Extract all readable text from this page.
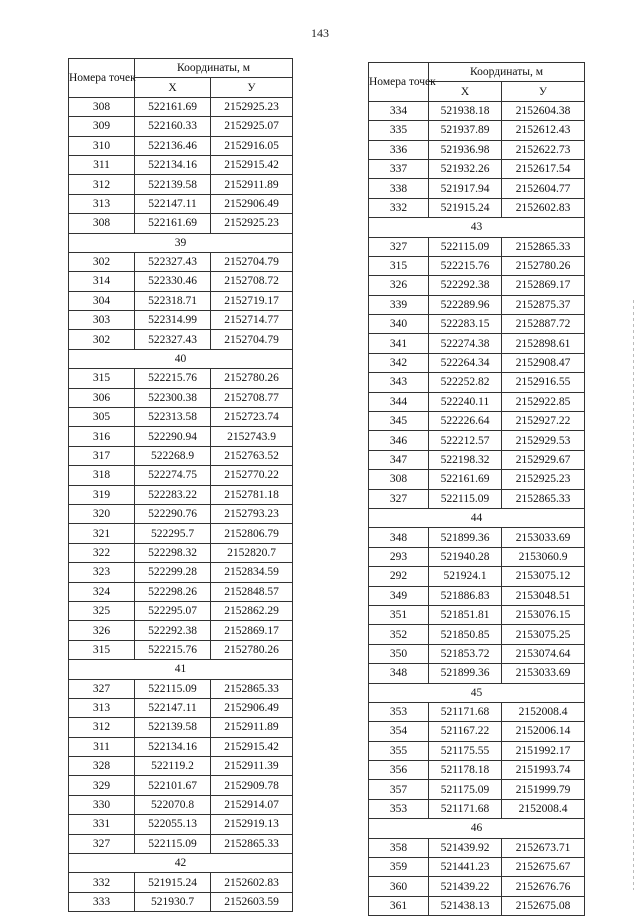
143
Номера точек	Координаты, м	
	Х	У
308	522161.69	2152925.23
309	522160.33	2152925.07
310	522136.46	2152916.05
311	522134.16	2152915.42
312	522139.58	2152911.89
313	522147.11	2152906.49
308	522161.69	2152925.23
39		
302	522327.43	2152704.79
314	522330.46	2152708.72
304	522318.71	2152719.17
303	522314.99	2152714.77
302	522327.43	2152704.79
40		
315	522215.76	2152780.26
306	522300.38	2152708.77
305	522313.58	2152723.74
316	522290.94	2152743.9
317	522268.9	2152763.52
318	522274.75	2152770.22
319	522283.22	2152781.18
320	522290.76	2152793.23
321	522295.7	2152806.79
322	522298.32	2152820.7
323	522299.28	2152834.59
324	522298.26	2152848.57
325	522295.07	2152862.29
326	522292.38	2152869.17
315	522215.76	2152780.26
41		
327	522115.09	2152865.33
313	522147.11	2152906.49
312	522139.58	2152911.89
311	522134.16	2152915.42
328	522119.2	2152911.39
329	522101.67	2152909.78
330	522070.8	2152914.07
331	522055.13	2152919.13
327	522115.09	2152865.33
42		
332	521915.24	2152602.83
333	521930.7	2152603.59
Номера точек	Координаты, м	
	Х	У
334	521938.18	2152604.38
335	521937.89	2152612.43
336	521936.98	2152622.73
337	521932.26	2152617.54
338	521917.94	2152604.77
332	521915.24	2152602.83
43		
327	522115.09	2152865.33
315	522215.76	2152780.26
326	522292.38	2152869.17
339	522289.96	2152875.37
340	522283.15	2152887.72
341	522274.38	2152898.61
342	522264.34	2152908.47
343	522252.82	2152916.55
344	522240.11	2152922.85
345	522226.64	2152927.22
346	522212.57	2152929.53
347	522198.32	2152929.67
308	522161.69	2152925.23
327	522115.09	2152865.33
44		
348	521899.36	2153033.69
293	521940.28	2153060.9
292	521924.1	2153075.12
349	521886.83	2153048.51
351	521851.81	2153076.15
352	521850.85	2153075.25
350	521853.72	2153074.64
348	521899.36	2153033.69
45		
353	521171.68	2152008.4
354	521167.22	2152006.14
355	521175.55	2151992.17
356	521178.18	2151993.74
357	521175.09	2151999.79
353	521171.68	2152008.4
46		
358	521439.92	2152673.71
359	521441.23	2152675.67
360	521439.22	2152676.76
361	521438.13	2152675.08
